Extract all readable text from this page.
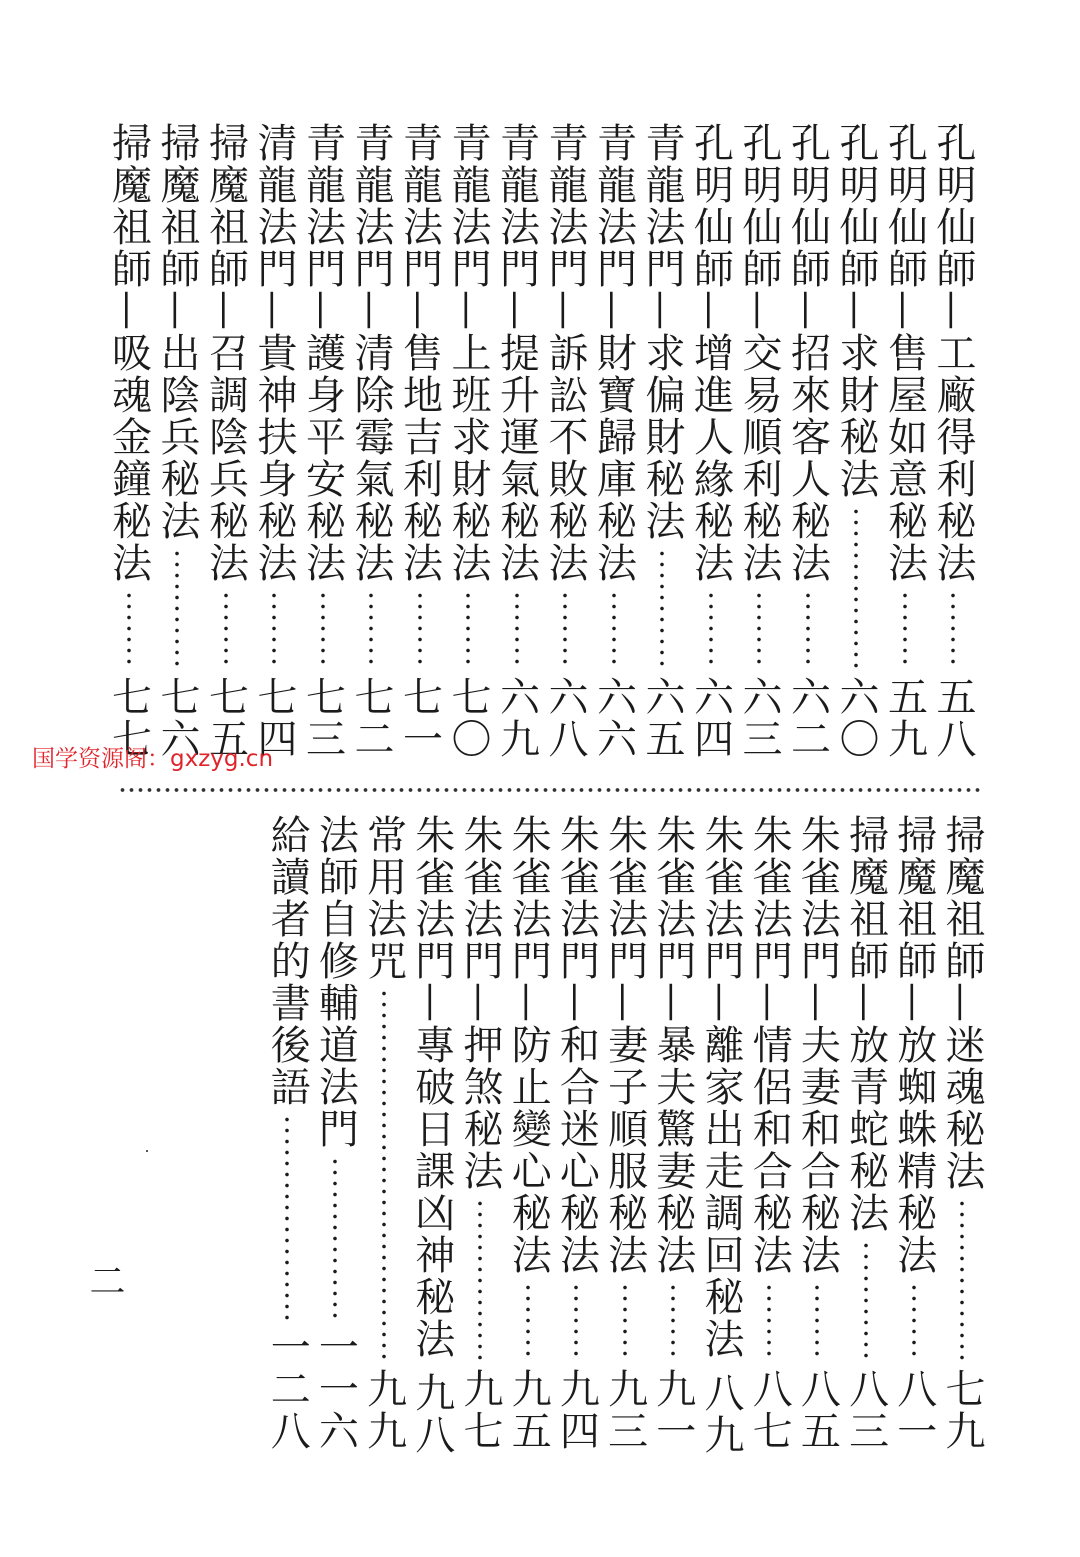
孔明仙師—工廠得利秘法
五八
孔明仙師—售屋如意秘法
五九
孔明仙師—求財秘法
六〇
孔明仙師—招來客人秘法
六二
孔明仙師—交易順利秘法
六三
孔明仙師—增進人緣秘法
六四
青龍法門—求偏財秘法
六五
青龍法門—財寶歸庫秘法
六六
青龍法門—訴訟不敗秘法
六八
青龍法門—提升運氣秘法
六九
青龍法門—上班求財秘法
七〇
青龍法門—售地吉利秘法
七一
青龍法門—清除霉氣秘法
七二
青龍法門—護身平安秘法
七三
清龍法門—貴神扶身秘法
七四
掃魔祖師—召調陰兵秘法
七五
掃魔祖師—出陰兵秘法
七六
掃魔祖師—吸魂金鐘秘法
七七
掃魔祖師—迷魂秘法
七九
掃魔祖師—放蜘蛛精秘法
八一
掃魔祖師—放青蛇秘法
八三
朱雀法門—夫妻和合秘法
八五
朱雀法門—情侶和合秘法
八七
朱雀法門—離家出走調回秘法
八九
朱雀法門—暴夫驚妻秘法
九一
朱雀法門—妻子順服秘法
九三
朱雀法門—和合迷心秘法
九四
朱雀法門—防止變心秘法
九五
朱雀法門—押煞秘法
九七
朱雀法門—專破日課凶神秘法
九八
常用法咒
九九
法師自修輔道法門
一一六
給讀者的書後語
一二八
国学资源阁：gxzyg.cn
二
